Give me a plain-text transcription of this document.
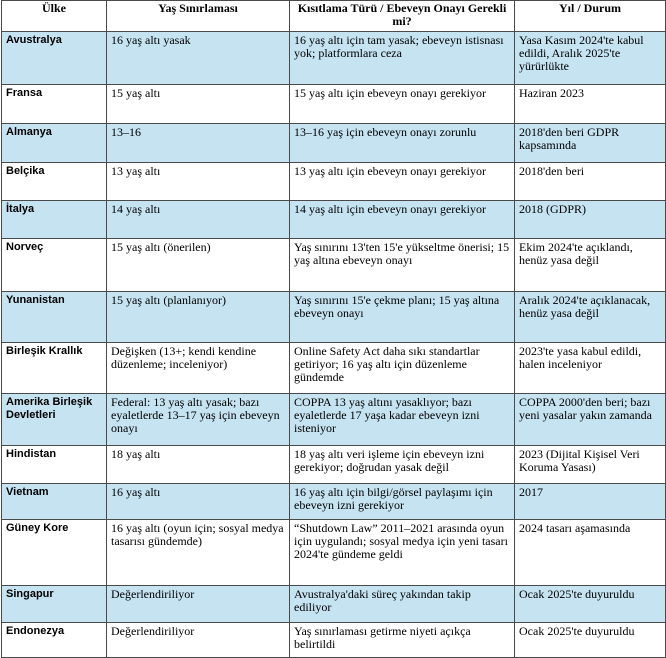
Ülke	Yaş Sınırlaması	Kısıtlama Türü / Ebeveyn Onayı Gerekli mi?	Yıl / Durum
Avustralya	16 yaş altı yasak	16 yaş altı için tam yasak; ebeveyn istisnası yok; platformlara ceza	Yasa Kasım 2024'te kabul edildi, Aralık 2025'te yürürlükte
Fransa	15 yaş altı	15 yaş altı için ebeveyn onayı gerekiyor	Haziran 2023
Almanya	13–16	13–16 yaş için ebeveyn onayı zorunlu	2018'den beri GDPR kapsamında
Belçika	13 yaş altı	13 yaş altı için ebeveyn onayı gerekiyor	2018'den beri
İtalya	14 yaş altı	14 yaş altı için ebeveyn onayı gerekiyor	2018 (GDPR)
Norveç	15 yaş altı (önerilen)	Yaş sınırını 13'ten 15'e yükseltme önerisi; 15 yaş altına ebeveyn onayı	Ekim 2024'te açıklandı, henüz yasa değil
Yunanistan	15 yaş altı (planlanıyor)	Yaş sınırını 15'e çekme planı; 15 yaş altına ebeveyn onayı	Aralık 2024'te açıklanacak, henüz yasa değil
Birleşik Krallık	Değişken (13+; kendi kendine düzenleme; inceleniyor)	Online Safety Act daha sıkı standartlar getiriyor; 16 yaş altı için düzenleme gündemde	2023'te yasa kabul edildi, halen inceleniyor
Amerika Birleşik Devletleri	Federal: 13 yaş altı yasak; bazı eyaletlerde 13–17 yaş için ebeveyn onayı	COPPA 13 yaş altını yasaklıyor; bazı eyaletlerde 17 yaşa kadar ebeveyn izni isteniyor	COPPA 2000'den beri; bazı yeni yasalar yakın zamanda
Hindistan	18 yaş altı	18 yaş altı veri işleme için ebeveyn izni gerekiyor; doğrudan yasak değil	2023 (Dijital Kişisel Veri Koruma Yasası)
Vietnam	16 yaş altı	16 yaş altı için bilgi/görsel paylaşımı için ebeveyn izni gerekiyor	2017
Güney Kore	16 yaş altı (oyun için; sosyal medya tasarısı gündemde)	“Shutdown Law” 2011–2021 arasında oyun için uygulandı; sosyal medya için yeni tasarı 2024'te gündeme geldi	2024 tasarı aşamasında
Singapur	Değerlendiriliyor	Avustralya'daki süreç yakından takip ediliyor	Ocak 2025'te duyuruldu
Endonezya	Değerlendiriliyor	Yaş sınırlaması getirme niyeti açıkça belirtildi	Ocak 2025'te duyuruldu
